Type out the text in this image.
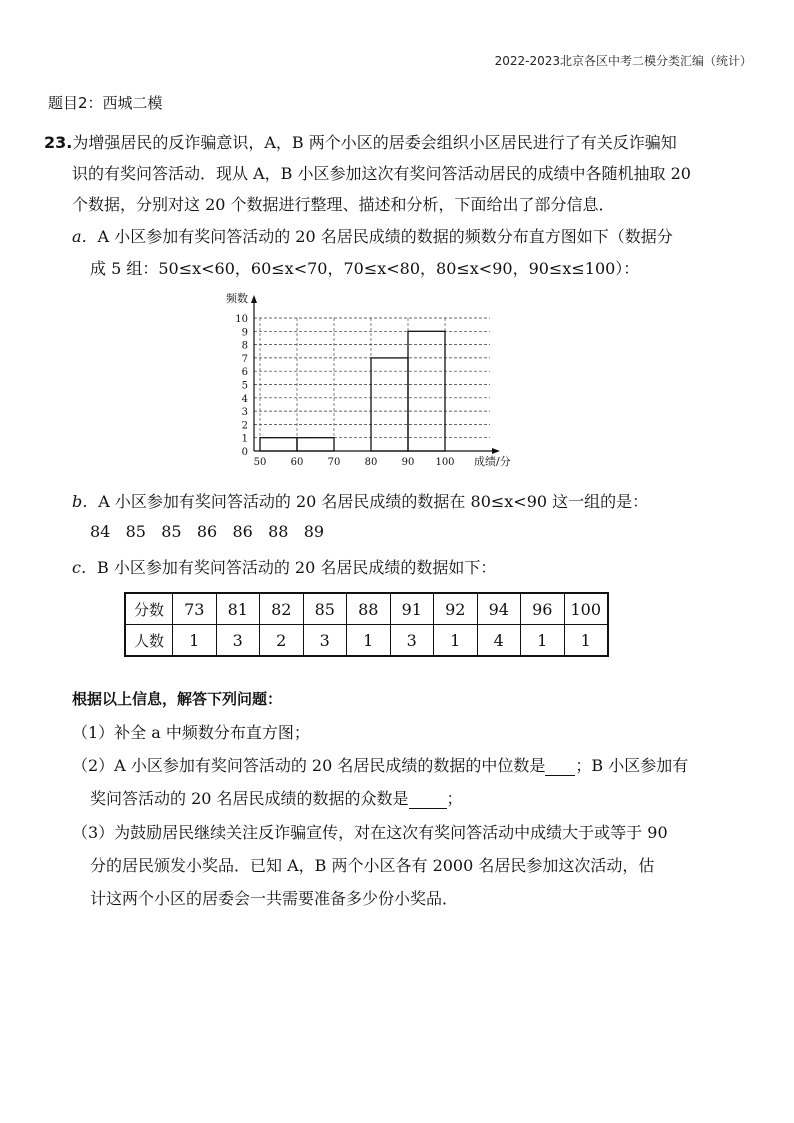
2022-2023北京各区中考二模分类汇编（统计）
题目2：西城二模
23.为增强居民的反诈骗意识，A，B 两个小区的居委会组织小区居民进行了有关反诈骗知
识的有奖问答活动．现从 A，B 小区参加这次有奖问答活动居民的成绩中各随机抽取 20
个数据，分别对这 20 个数据进行整理、描述和分析，下面给出了部分信息．
a．A 小区参加有奖问答活动的 20 名居民成绩的数据的频数分布直方图如下（数据分
成 5 组：50≤x<60，60≤x<70，70≤x<80，80≤x<90，90≤x≤100）：
0
1
2
3
4
5
6
7
8
9
10
50 60 70 80 90 100
频数
成绩/分
b．A 小区参加有奖问答活动的 20 名居民成绩的数据在 80≤x<90 这一组的是：
84 85 85 86 86 88 89
c．B 小区参加有奖问答活动的 20 名居民成绩的数据如下：
分数	73	81	82	85	88	91	92	94	96	100
人数	1	3	2	3	1	3	1	4	1	1
根据以上信息，解答下列问题：
（1）补全 a 中频数分布直方图；
（2）A 小区参加有奖问答活动的 20 名居民成绩的数据的中位数是 ；B 小区参加有
奖问答活动的 20 名居民成绩的数据的众数是 ；
（3）为鼓励居民继续关注反诈骗宣传，对在这次有奖问答活动中成绩大于或等于 90
分的居民颁发小奖品．已知 A，B 两个小区各有 2000 名居民参加这次活动，估
计这两个小区的居委会一共需要准备多少份小奖品．
